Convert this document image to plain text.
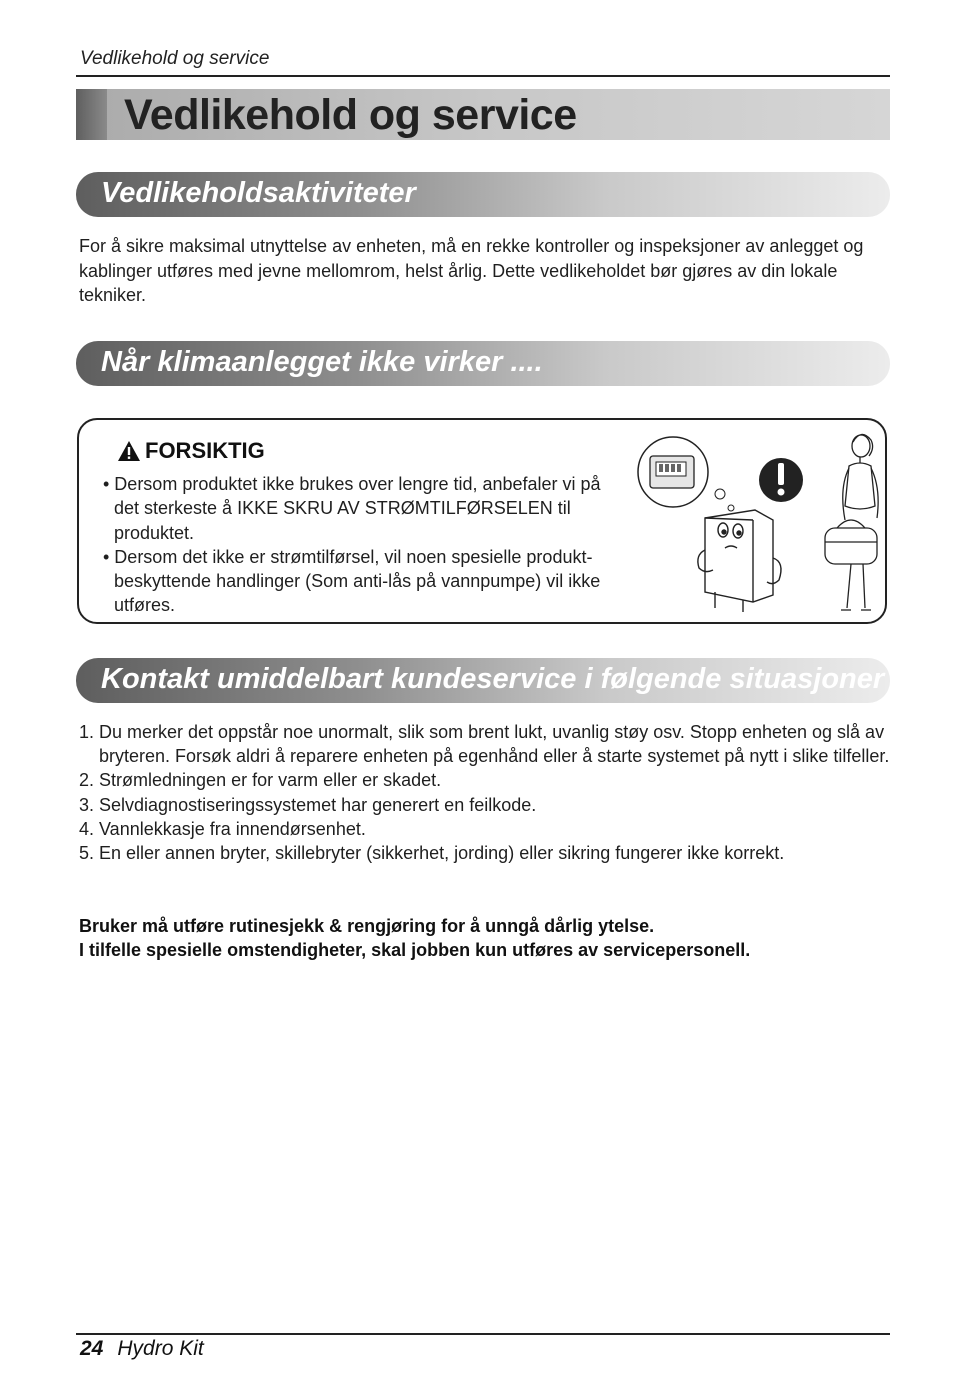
Vedlikehold og service
Vedlikehold og service
Vedlikeholdsaktiviteter
For å sikre maksimal utnyttelse av enheten, må en rekke kontroller og inspeksjoner av anlegget og kablinger utføres med jevne mellomrom, helst årlig. Dette vedlikeholdet bør gjøres av din lokale tekniker.
Når klimaanlegget ikke virker ....
FORSIKTIG
• Dersom produktet ikke brukes over lengre tid, anbefaler vi på det sterkeste å IKKE SKRU AV STRØMTILFØRSELEN til produktet.
• Dersom det ikke er strømtilførsel, vil noen spesielle produkt-beskyttende handlinger (Som anti-lås på vannpumpe) vil ikke utføres.
Kontakt umiddelbart kundeservice i følgende situasjoner
1. Du merker det oppstår noe unormalt, slik som brent lukt, uvanlig støy osv. Stopp enheten og slå av bryteren. Forsøk aldri å reparere enheten på egenhånd eller å starte systemet på nytt i slike tilfeller.
2. Strømledningen er for varm eller er skadet.
3. Selvdiagnostiseringssystemet har generert en feilkode.
4. Vannlekkasje fra innendørsenhet.
5. En eller annen bryter, skillebryter (sikkerhet, jording) eller sikring fungerer ikke korrekt.
Bruker må utføre rutinesjekk & rengjøring for å unngå dårlig ytelse.
I tilfelle spesielle omstendigheter, skal jobben kun utføres av servicepersonell.
24 Hydro Kit
